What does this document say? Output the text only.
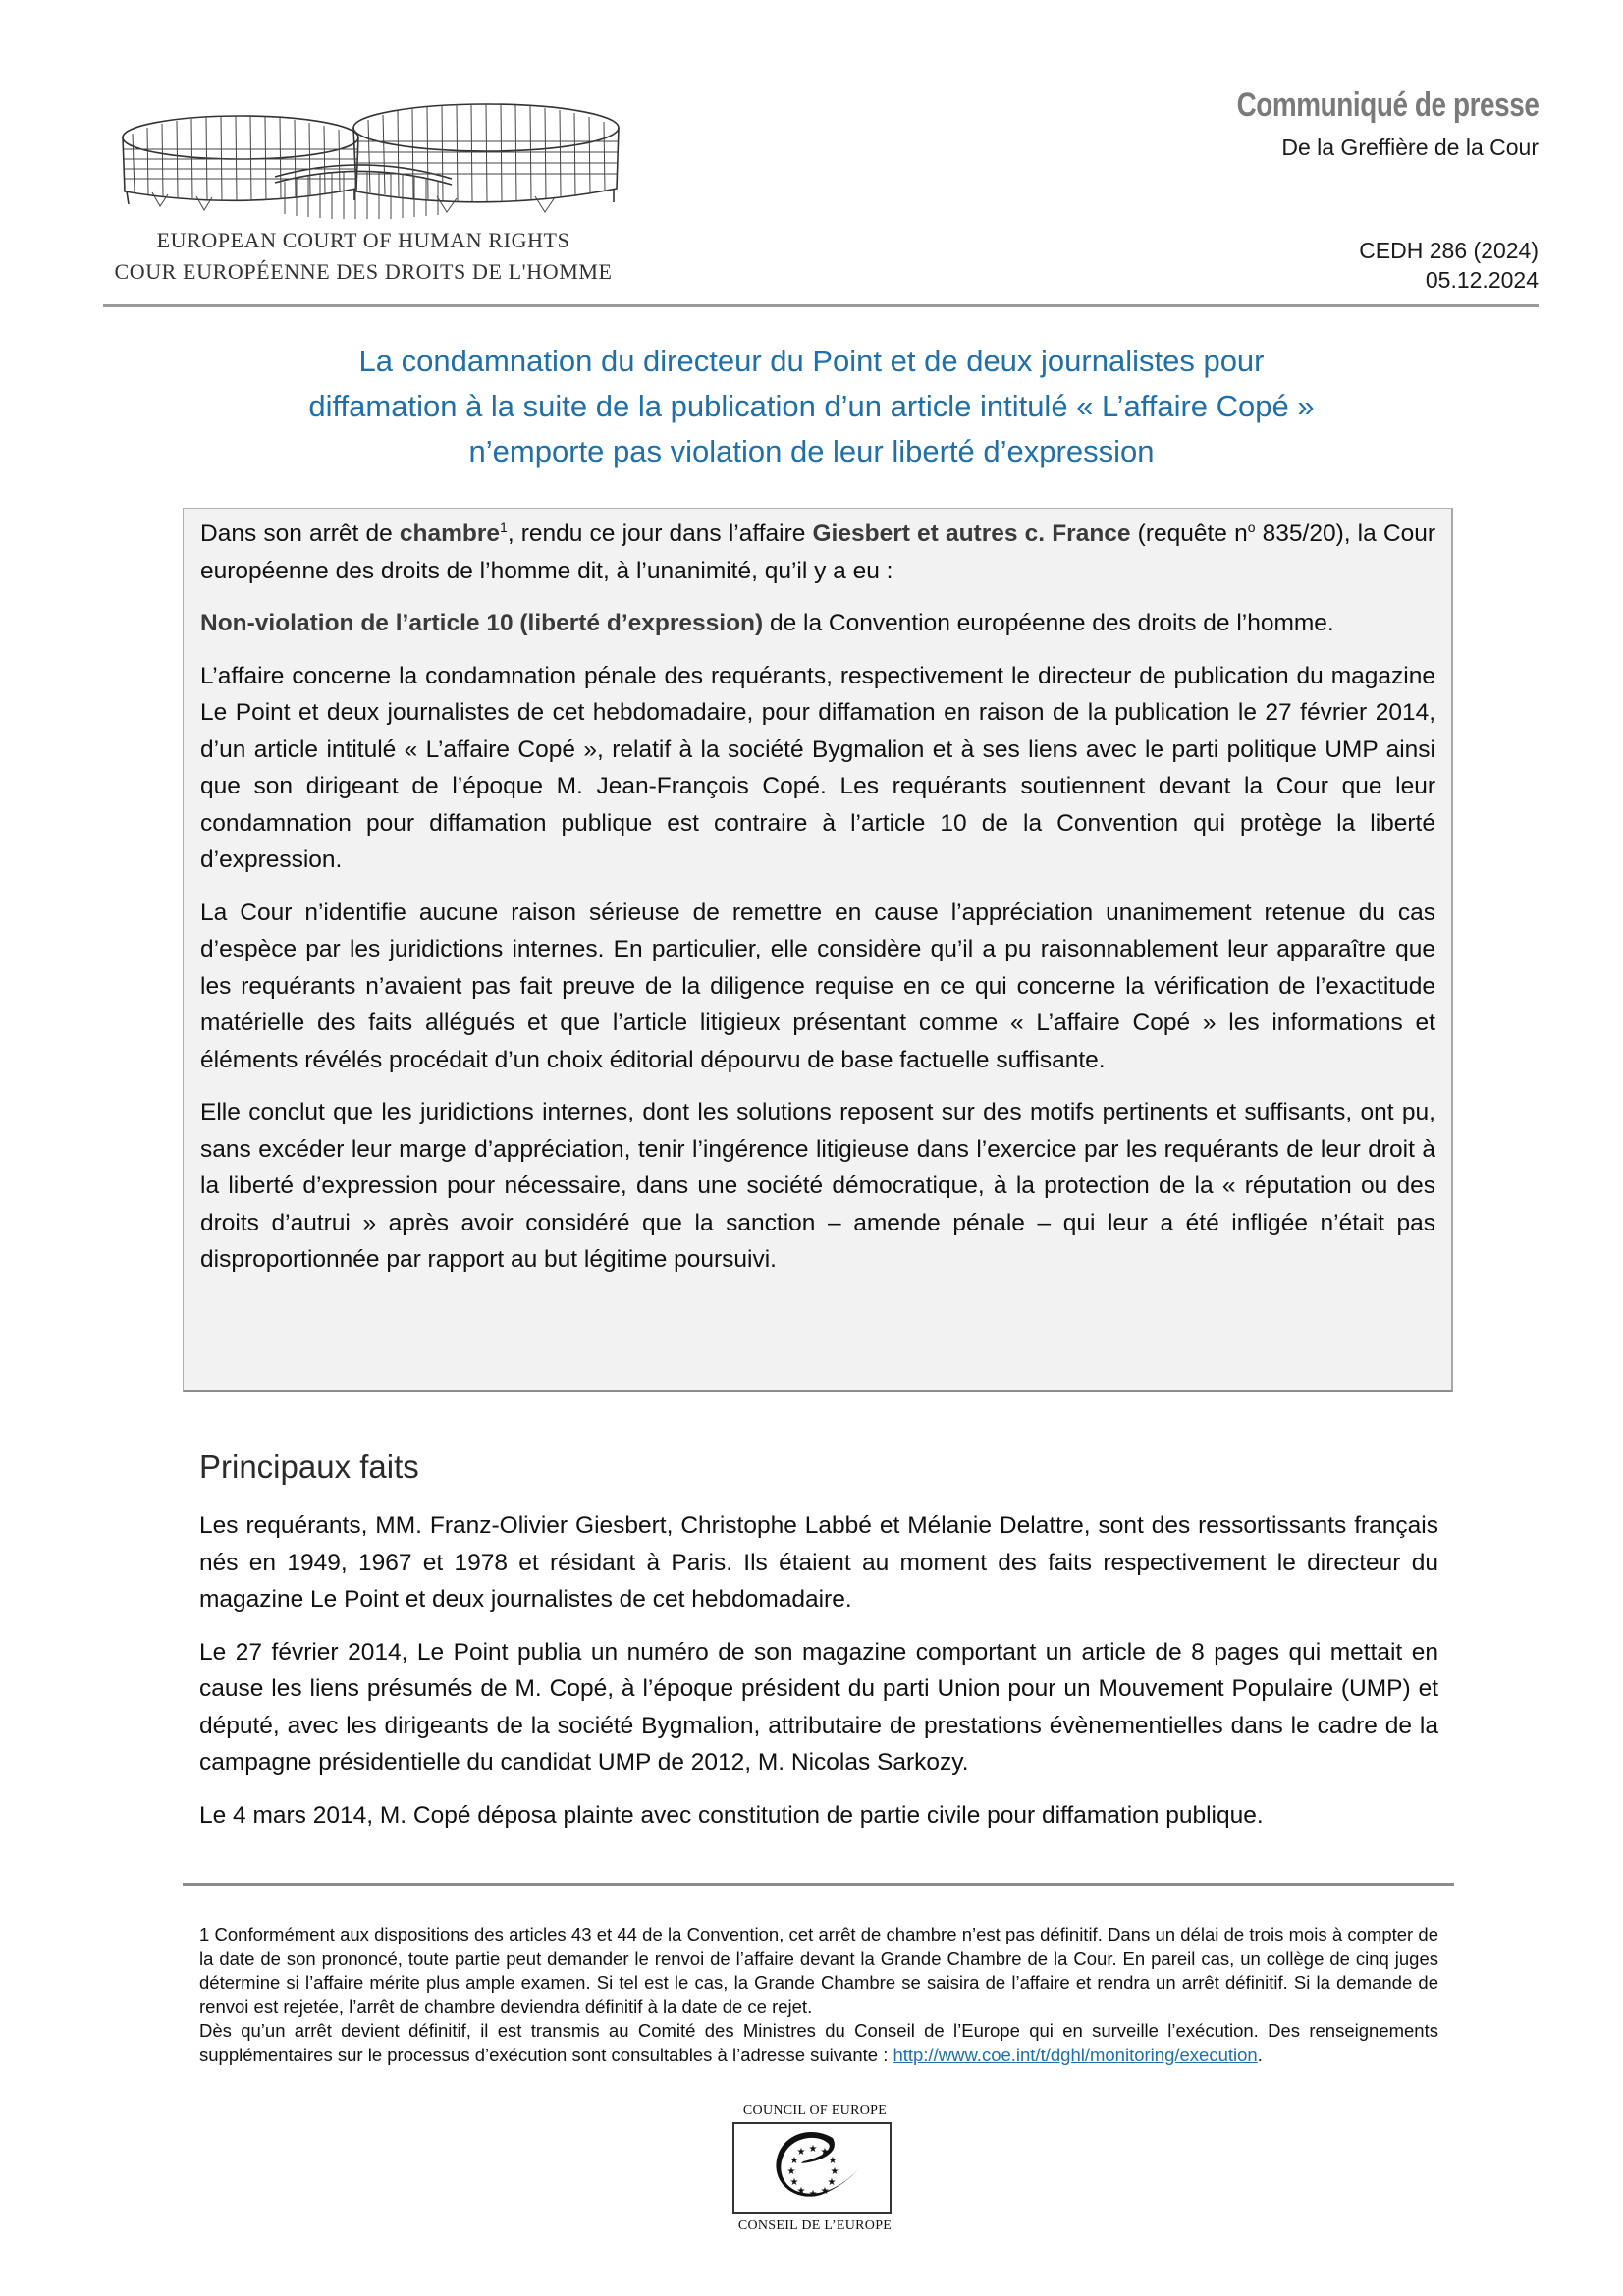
EUROPEAN COURT OF HUMAN RIGHTS
COUR EUROPÉENNE DES DROITS DE L'HOMME
Communiqué de presse
De la Greffière de la Cour
CEDH 286 (2024)
05.12.2024
La condamnation du directeur du Point et de deux journalistes pour
diffamation à la suite de la publication d’un article intitulé « L’affaire Copé »
n’emporte pas violation de leur liberté d’expression

Dans son arrêt de chambre$^1$, rendu ce jour dans l’affaire Giesbert et autres c. France (requête $n^o$ 835/20), la Cour européenne des droits de l’homme dit, à l’unanimité, qu’il y a eu :

Non-violation de l’article 10 (liberté d’expression) de la Convention européenne des droits de l’homme.

L’affaire concerne la condamnation pénale des requérants, respectivement le directeur de publication du magazine Le Point et deux journalistes de cet hebdomadaire, pour diffamation en raison de la publication le 27 février 2014, d’un article intitulé « L’affaire Copé », relatif à la société Bygmalion et à ses liens avec le parti politique UMP ainsi que son dirigeant de l’époque M. Jean-François Copé. Les requérants soutiennent devant la Cour que leur condamnation pour diffamation publique est contraire à l’article 10 de la Convention qui protège la liberté d’expression.

La Cour n’identifie aucune raison sérieuse de remettre en cause l’appréciation unanimement retenue du cas d’espèce par les juridictions internes. En particulier, elle considère qu’il a pu raisonnablement leur apparaître que les requérants n’avaient pas fait preuve de la diligence requise en ce qui concerne la vérification de l’exactitude matérielle des faits allégués et que l’article litigieux présentant comme « L’affaire Copé » les informations et éléments révélés procédait d’un choix éditorial dépourvu de base factuelle suffisante.

Elle conclut que les juridictions internes, dont les solutions reposent sur des motifs pertinents et suffisants, ont pu, sans excéder leur marge d’appréciation, tenir l’ingérence litigieuse dans l’exercice par les requérants de leur droit à la liberté d’expression pour nécessaire, dans une société démocratique, à la protection de la « réputation ou des droits d’autrui » après avoir considéré que la sanction – amende pénale – qui leur a été infligée n’était pas disproportionnée par rapport au but légitime poursuivi.

Principaux faits

Les requérants, MM. Franz-Olivier Giesbert, Christophe Labbé et Mélanie Delattre, sont des ressortissants français nés en 1949, 1967 et 1978 et résidant à Paris. Ils étaient au moment des faits respectivement le directeur du magazine Le Point et deux journalistes de cet hebdomadaire.

Le 27 février 2014, Le Point publia un numéro de son magazine comportant un article de 8 pages qui mettait en cause les liens présumés de M. Copé, à l’époque président du parti Union pour un Mouvement Populaire (UMP) et député, avec les dirigeants de la société Bygmalion, attributaire de prestations évènementielles dans le cadre de la campagne présidentielle du candidat UMP de 2012, M. Nicolas Sarkozy.

Le 4 mars 2014, M. Copé déposa plainte avec constitution de partie civile pour diffamation publique.

1 Conformément aux dispositions des articles 43 et 44 de la Convention, cet arrêt de chambre n’est pas définitif. Dans un délai de trois mois à compter de la date de son prononcé, toute partie peut demander le renvoi de l’affaire devant la Grande Chambre de la Cour. En pareil cas, un collège de cinq juges détermine si l’affaire mérite plus ample examen. Si tel est le cas, la Grande Chambre se saisira de l’affaire et rendra un arrêt définitif. Si la demande de renvoi est rejetée, l’arrêt de chambre deviendra définitif à la date de ce rejet.

Dès qu’un arrêt devient définitif, il est transmis au Comité des Ministres du Conseil de l’Europe qui en surveille l’exécution. Des renseignements supplémentaires sur le processus d’exécution sont consultables à l’adresse suivante : http://www.coe.int/t/dghl/monitoring/execution.

COUNCIL OF EUROPE
★ ★
★
★
★
★
★
★
★
★
★
★
CONSEIL DE L’EUROPE
